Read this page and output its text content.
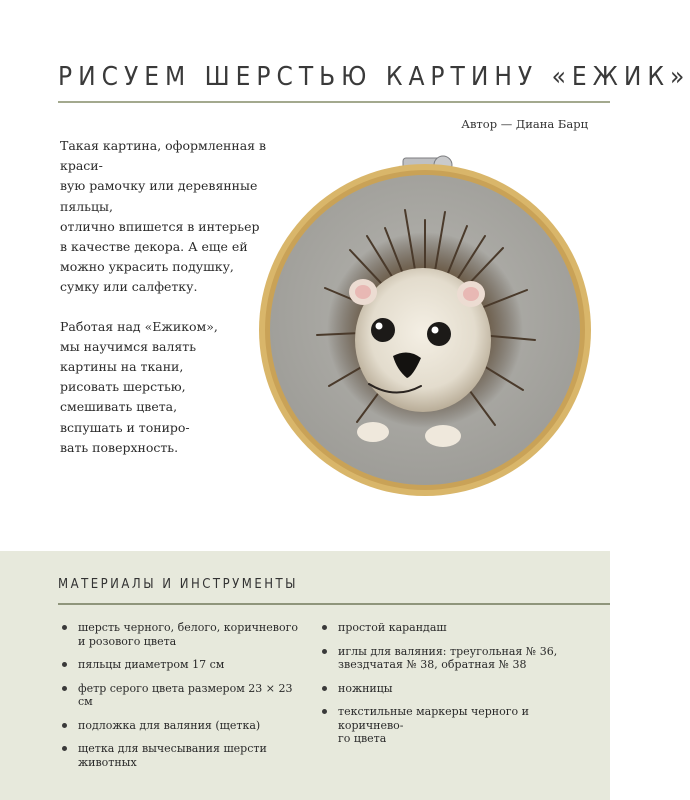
РИСУЕМ ШЕРСТЬЮ КАРТИНУ «ЕЖИК»
Автор — Диана Барц

Такая картина, оформленная в краси-
вую рамочку или деревянные пяльцы,
отлично впишется в интерьер
в качестве декора. А еще ей
можно украсить подушку,
сумку или салфетку.

Работая над «Ежиком»,
мы научимся валять
картины на ткани,
рисовать шерстью,
смешивать цвета,
вспушать и тониро-
вать поверхность.

МАТЕРИАЛЫ И ИНСТРУМЕНТЫ
шерсть черного, белого, коричневого
и розового цвета
пяльцы диаметром 17 см
фетр серого цвета размером 23 × 23 см
подложка для валяния (щетка)
щетка для вычесывания шерсти животных
простой карандаш
иглы для валяния: треугольная № 36,
звездчатая № 38, обратная № 38
ножницы
текстильные маркеры черного и коричнево-
го цвета
